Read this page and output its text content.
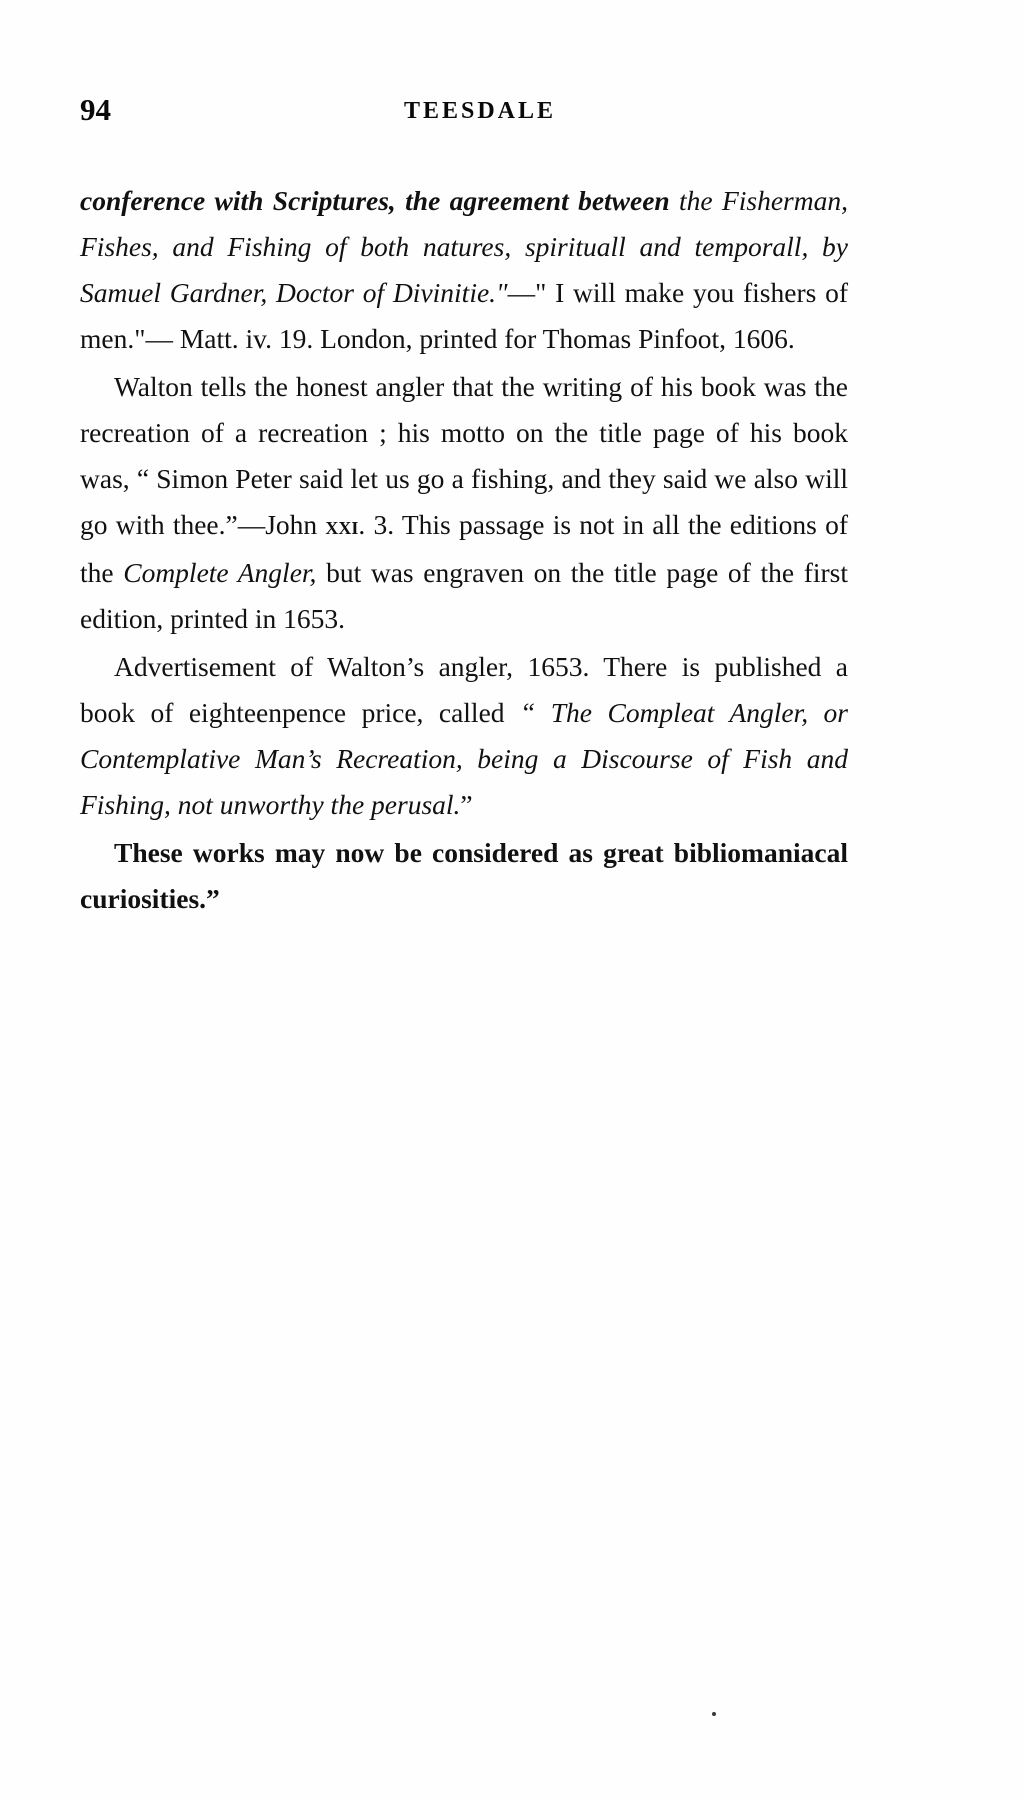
94	TEESDALE

conference with Scriptures, the agreement between the Fisherman, Fishes, and Fishing of both natures, spirituall and temporall, by Samuel Gardner, Doctor of Divinitie."—" I will make you fishers of men."— Matt. iv. 19. London, printed for Thomas Pinfoot, 1606.

Walton tells the honest angler that the writing of his book was the recreation of a recreation ; his motto on the title page of his book was, “ Simon Peter said let us go a fishing, and they said we also will go with thee.”—John xxi. 3. This passage is not in all the editions of the Complete Angler, but was engraven on the title page of the first edition, printed in 1653.

Advertisement of Walton’s angler, 1653. There is published a book of eighteenpence price, called “ The Compleat Angler, or Contemplative Man’s Recreation, being a Discourse of Fish and Fishing, not unworthy the perusal.”

These works may now be considered as great bibliomaniacal curiosities.”
